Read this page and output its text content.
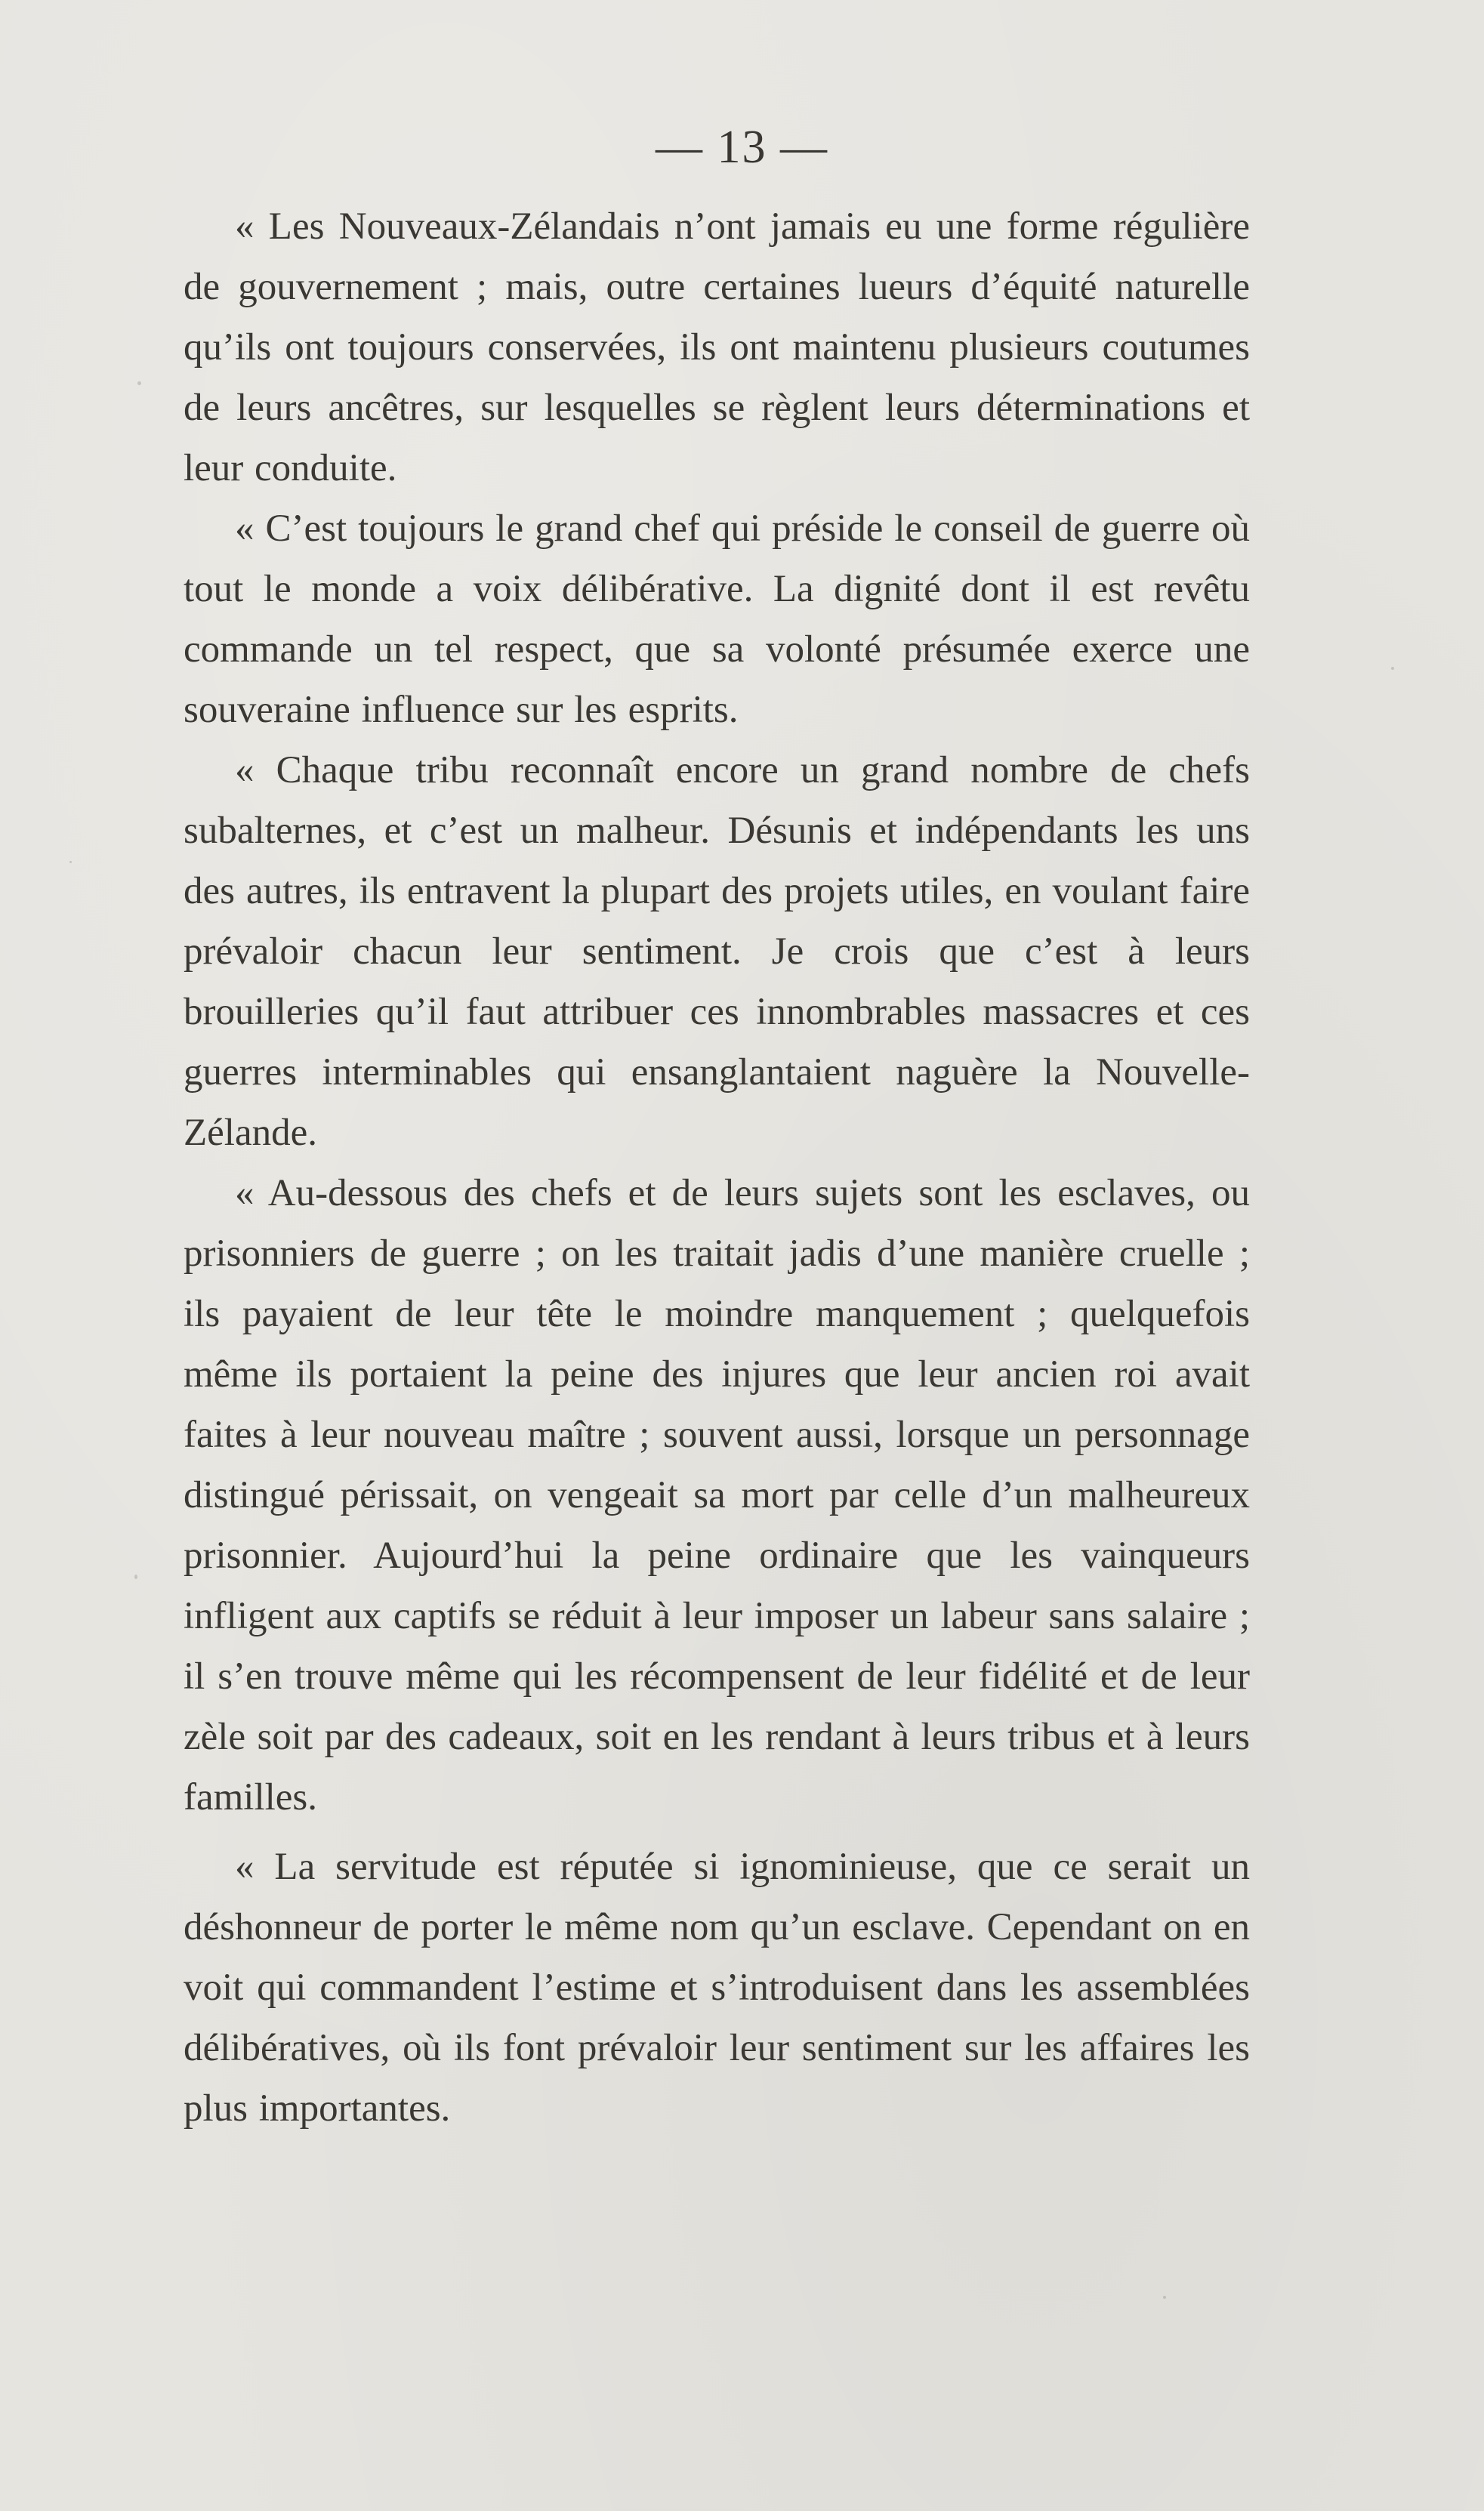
— 13 —

« Les Nouveaux-Zélandais n’ont jamais eu une forme régulière de gouvernement ; mais, outre certaines lueurs d’équité naturelle qu’ils ont toujours conservées, ils ont maintenu plusieurs coutumes de leurs ancêtres, sur lesquelles se règlent leurs déterminations et leur conduite.

« C’est toujours le grand chef qui préside le conseil de guerre où tout le monde a voix délibérative. La dignité dont il est revêtu commande un tel respect, que sa volonté présumée exerce une souveraine influence sur les esprits.

« Chaque tribu reconnaît encore un grand nombre de chefs subalternes, et c’est un malheur. Désunis et indépendants les uns des autres, ils entravent la plupart des projets utiles, en voulant faire prévaloir chacun leur sentiment. Je crois que c’est à leurs brouilleries qu’il faut attribuer ces innombrables massacres et ces guerres interminables qui ensanglantaient naguère la Nouvelle-Zélande.

« Au-dessous des chefs et de leurs sujets sont les esclaves, ou prisonniers de guerre ; on les traitait jadis d’une manière cruelle ; ils payaient de leur tête le moindre manquement ; quelquefois même ils portaient la peine des injures que leur ancien roi avait faites à leur nouveau maître ; souvent aussi, lorsque un personnage distingué périssait, on vengeait sa mort par celle d’un malheureux prisonnier. Aujourd’hui la peine ordinaire que les vainqueurs infligent aux captifs se réduit à leur imposer un labeur sans salaire ; il s’en trouve même qui les récompensent de leur fidélité et de leur zèle soit par des cadeaux, soit en les rendant à leurs tribus et à leurs familles.

« La servitude est réputée si ignominieuse, que ce serait un déshonneur de porter le même nom qu’un esclave. Cependant on en voit qui commandent l’estime et s’introduisent dans les assemblées délibératives, où ils font prévaloir leur sentiment sur les affaires les plus importantes.
